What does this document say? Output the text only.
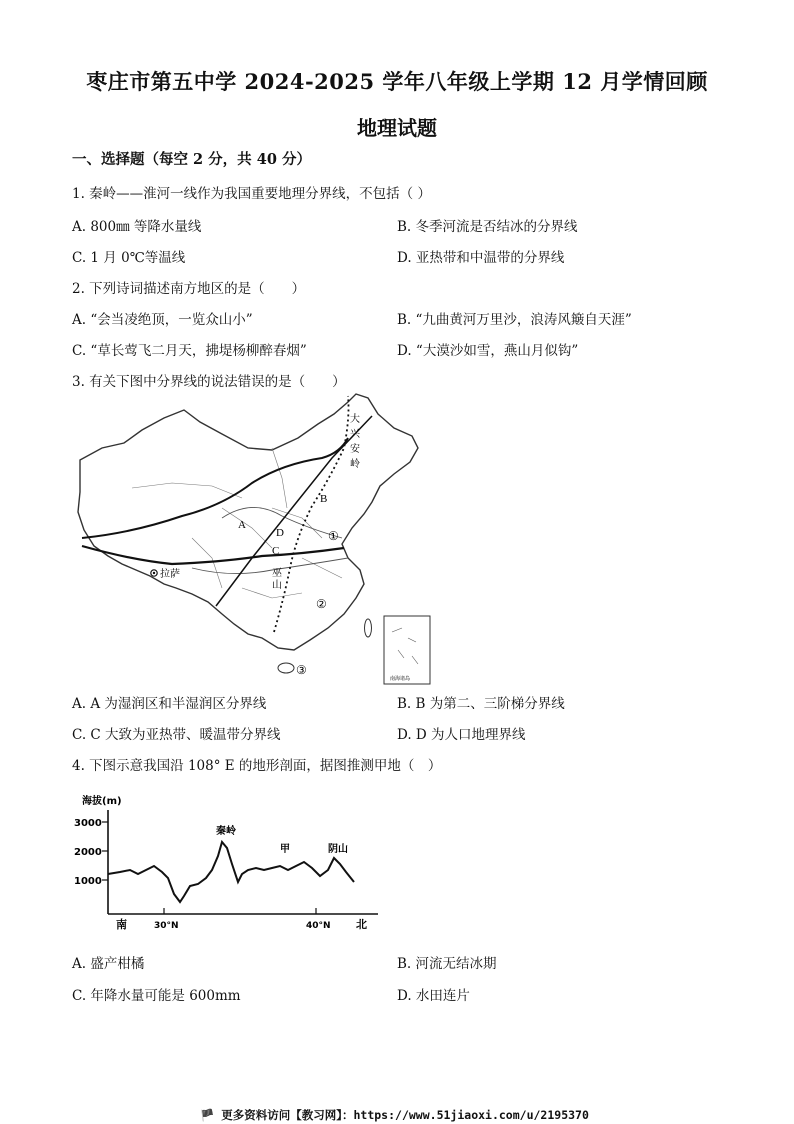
枣庄市第五中学 2024-2025 学年八年级上学期 12 月学情回顾
地理试题
一、选择题（每空 2 分，共 40 分）
1. 秦岭——淮河一线作为我国重要地理分界线，不包括（ ）
A. 800㎜ 等降水量线	B. 冬季河流是否结冰的分界线
C. 1 月 0℃等温线	D. 亚热带和中温带的分界线
2. 下列诗词描述南方地区的是（　　）
A. “会当凌绝顶，一览众山小”	B. “九曲黄河万里沙，浪涛风簸自天涯”
C. “草长莺飞二月天，拂堤杨柳醉春烟”	D. “大漠沙如雪，燕山月似钩”
3. 有关下图中分界线的说法错误的是（　　）
A
B
C
D
拉萨	巫
山
大
兴
安
岭
①
②
③
南海诸岛
A. A 为湿润区和半湿润区分界线	B. B 为第二、三阶梯分界线
C. C 大致为亚热带、暖温带分界线	D. D 为人口地理界线
4. 下图示意我国沿 108° E 的地形剖面，据图推测甲地（　）
海拔(m)
3000
2000
1000
南	30°N	40°N 北
秦岭
甲	阴山
A. 盛产柑橘	B. 河流无结冰期
C. 年降水量可能是 600mm	D. 水田连片
🏴 更多资料访问【教习网】：https://www.51jiaoxi.com/u/2195370
